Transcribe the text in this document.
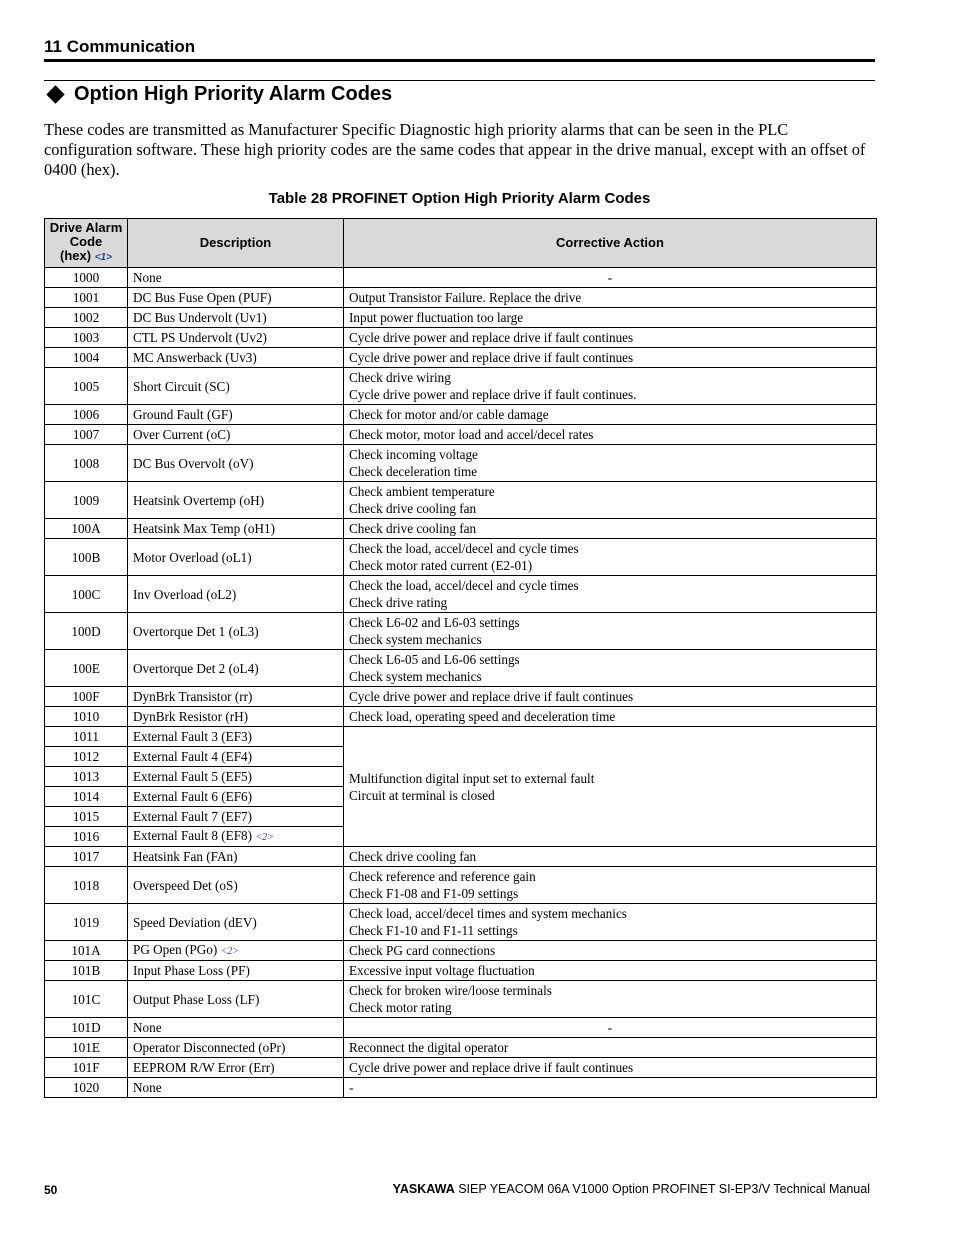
11 Communication
Option High Priority Alarm Codes
These codes are transmitted as Manufacturer Specific Diagnostic high priority alarms that can be seen in the PLC configuration software. These high priority codes are the same codes that appear in the drive manual, except with an offset of 0400 (hex).
Table 28 PROFINET Option High Priority Alarm Codes
Drive Alarm
Code
(hex) <1>	Description	Corrective Action
1000	None	-

1001	DC Bus Fuse Open (PUF)	Output Transistor Failure. Replace the drive

1002	DC Bus Undervolt (Uv1)	Input power fluctuation too large

1003	CTL PS Undervolt (Uv2)	Cycle drive power and replace drive if fault continues

1004	MC Answerback (Uv3)	Cycle drive power and replace drive if fault continues

1005	Short Circuit (SC)	Check drive wiring
Cycle drive power and replace drive if fault continues.

1006	Ground Fault (GF)	Check for motor and/or cable damage

1007	Over Current (oC)	Check motor, motor load and accel/decel rates

1008	DC Bus Overvolt (oV)	Check incoming voltage
Check deceleration time

1009	Heatsink Overtemp (oH)	Check ambient temperature
Check drive cooling fan

100A	Heatsink Max Temp (oH1)	Check drive cooling fan

100B	Motor Overload (oL1)	Check the load, accel/decel and cycle times
Check motor rated current (E2-01)

100C	Inv Overload (oL2)	Check the load, accel/decel and cycle times
Check drive rating

100D	Overtorque Det 1 (oL3)	Check L6-02 and L6-03 settings
Check system mechanics

100E	Overtorque Det 2 (oL4)	Check L6-05 and L6-06 settings
Check system mechanics

100F	DynBrk Transistor (rr)	Cycle drive power and replace drive if fault continues

1010	DynBrk Resistor (rH)	Check load, operating speed and deceleration time

1011	External Fault 3 (EF3)	Multifunction digital input set to external fault
Circuit at terminal is closed

1012	External Fault 4 (EF4)	
1013	External Fault 5 (EF5)	
1014	External Fault 6 (EF6)	
1015	External Fault 7 (EF7)	
1016	External Fault 8 (EF8) <2>	
1017	Heatsink Fan (FAn)	Check drive cooling fan

1018	Overspeed Det (oS)	Check reference and reference gain
Check F1-08 and F1-09 settings

1019	Speed Deviation (dEV)	Check load, accel/decel times and system mechanics
Check F1-10 and F1-11 settings

101A	PG Open (PGo) <2>	Check PG card connections

101B	Input Phase Loss (PF)	Excessive input voltage fluctuation

101C	Output Phase Loss (LF)	Check for broken wire/loose terminals
Check motor rating

101D	None	-

101E	Operator Disconnected (oPr)	Reconnect the digital operator

101F	EEPROM R/W Error (Err)	Cycle drive power and replace drive if fault continues

1020	None	-
50	YASKAWA SIEP YEACOM 06A V1000 Option PROFINET SI-EP3/V Technical Manual
